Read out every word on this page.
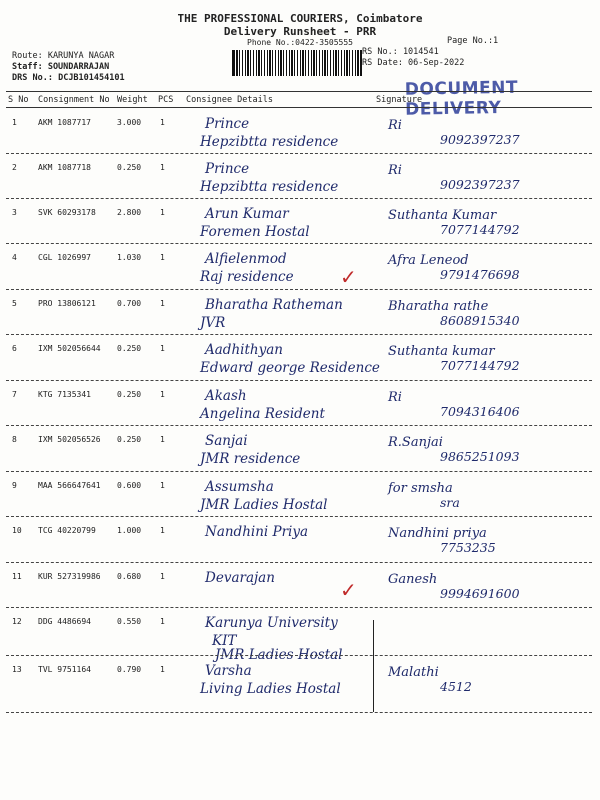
THE PROFESSIONAL COURIERS, Coimbatore
Delivery Runsheet - PRR
Phone No.:0422-3505555	Page No.:1
Route: KARUNYA NAGAR
Staff: SOUNDARRAJAN
DRS No.: DCJB101454101
RS No.: 1014541
RS Date: 06-Sep-2022
DOCUMENT DELIVERY
S No Consignment No Weight PCS Consignee Details	Signature
1	AKM 1087717	3.000 1	Prince
Hepzibtta residence
Ri
9092397237
2	AKM 1087718	0.250 1	Prince
Hepzibtta residence
Ri
9092397237
3	SVK 60293178	2.800 1	Arun Kumar
Foremen Hostal
Suthanta Kumar
7077144792
4	CGL 1026997	1.030 1	Alfielenmod
Raj residence
Afra Leneod
9791476698
5	PRO 13806121	0.700 1	Bharatha Ratheman
JVR
Bharatha rathe
8608915340
6	IXM 502056644 0.250 1	Aadhithyan
Edward george Residence
Suthanta kumar
7077144792
7	KTG 7135341	0.250 1	Akash
Angelina Resident
Ri
7094316406
8	IXM 502056526 0.250 1	Sanjai
JMR residence
R.Sanjai
9865251093
9	MAA 566647641 0.600 1	Assumsha
JMR Ladies Hostal
for smsha
sra
10 TCG 40220799	1.000 1	Nandhini Priya	Nandhini priya
7753235
11 KUR 527319986 0.680 1	Devarajan	Ganesh
9994691600
12 DDG 4486694	0.550 1	Karunya University
KIT
JMR Ladies Hostal
13 TVL 9751164	0.790 1	Varsha
Living Ladies Hostal
Malathi
4512
✓
✓
